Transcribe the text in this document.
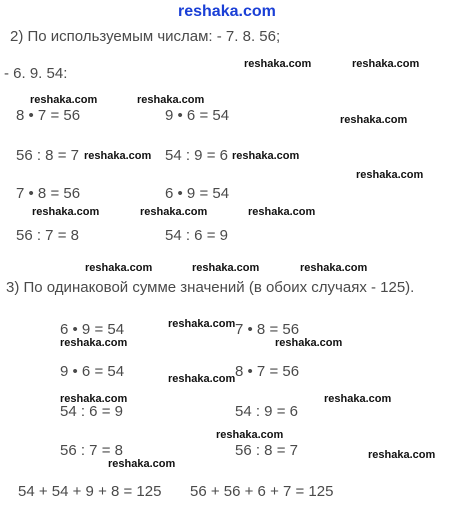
reshaka.com
2) По используемым числам: - 7. 8. 56;
- 6. 9. 54:
8 • 7 = 56	9 • 6 = 54
56 : 8 = 7	54 : 9 = 6
7 • 8 = 56	6 • 9 = 54
56 : 7 = 8	54 : 6 = 9
3) По одинаковой сумме значений (в обоих случаях - 125).
6 • 9 = 54	7 • 8 = 56
9 • 6 = 54	8 • 7 = 56
54 : 6 = 9	54 : 9 = 6
56 : 7 = 8	56 : 8 = 7
54 + 54 + 9 + 8 = 125 56 + 56 + 6 + 7 = 125
reshaka.com	reshaka.com
reshaka.com	reshaka.com
reshaka.com
reshaka.com	reshaka.com
reshaka.com
reshaka.com	reshaka.com	reshaka.com
reshaka.com	reshaka.com	reshaka.com
reshaka.com
reshaka.com	reshaka.com
reshaka.com
reshaka.com	reshaka.com
reshaka.com
reshaka.com
reshaka.com
